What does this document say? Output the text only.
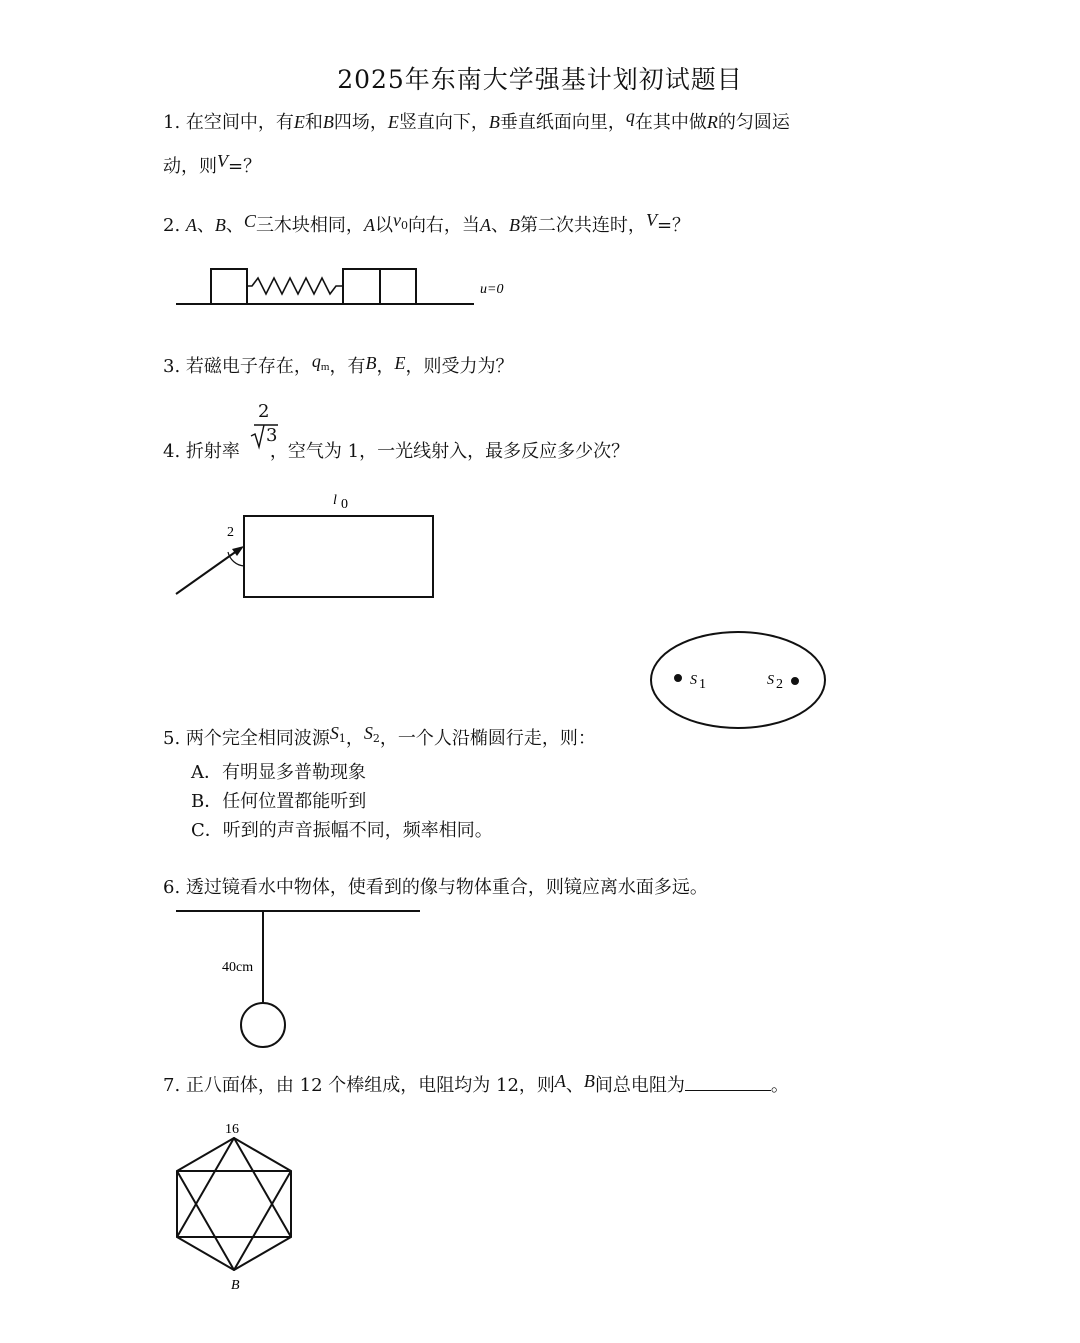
2025年东南大学强基计划初试题目
1. 在空间中，有E和B四场，E竖直向下，B垂直纸面向里，q在其中做R的匀圆运
动，则V=？
2. A、B、C三木块相同，A以v0向右，当A、B第二次共连时，V=？
3. 若磁电子存在，qm，有B，E，则受力为？
4. 折射率 ，空气为 1，一光线射入，最多反应多少次？
2
3
5. 两个完全相同波源S1，S2，一个人沿椭圆行走，则：
A．有明显多普勒现象
B．任何位置都能听到
C．听到的声音振幅不同，频率相同。
6. 透过镜看水中物体，使看到的像与物体重合，则镜应离水面多远。
7. 正八面体，由 12 个棒组成，电阻均为 12，则A、B间总电阻为	。
u=0
l 0
2
S 1	S 2
40cm
16
B
